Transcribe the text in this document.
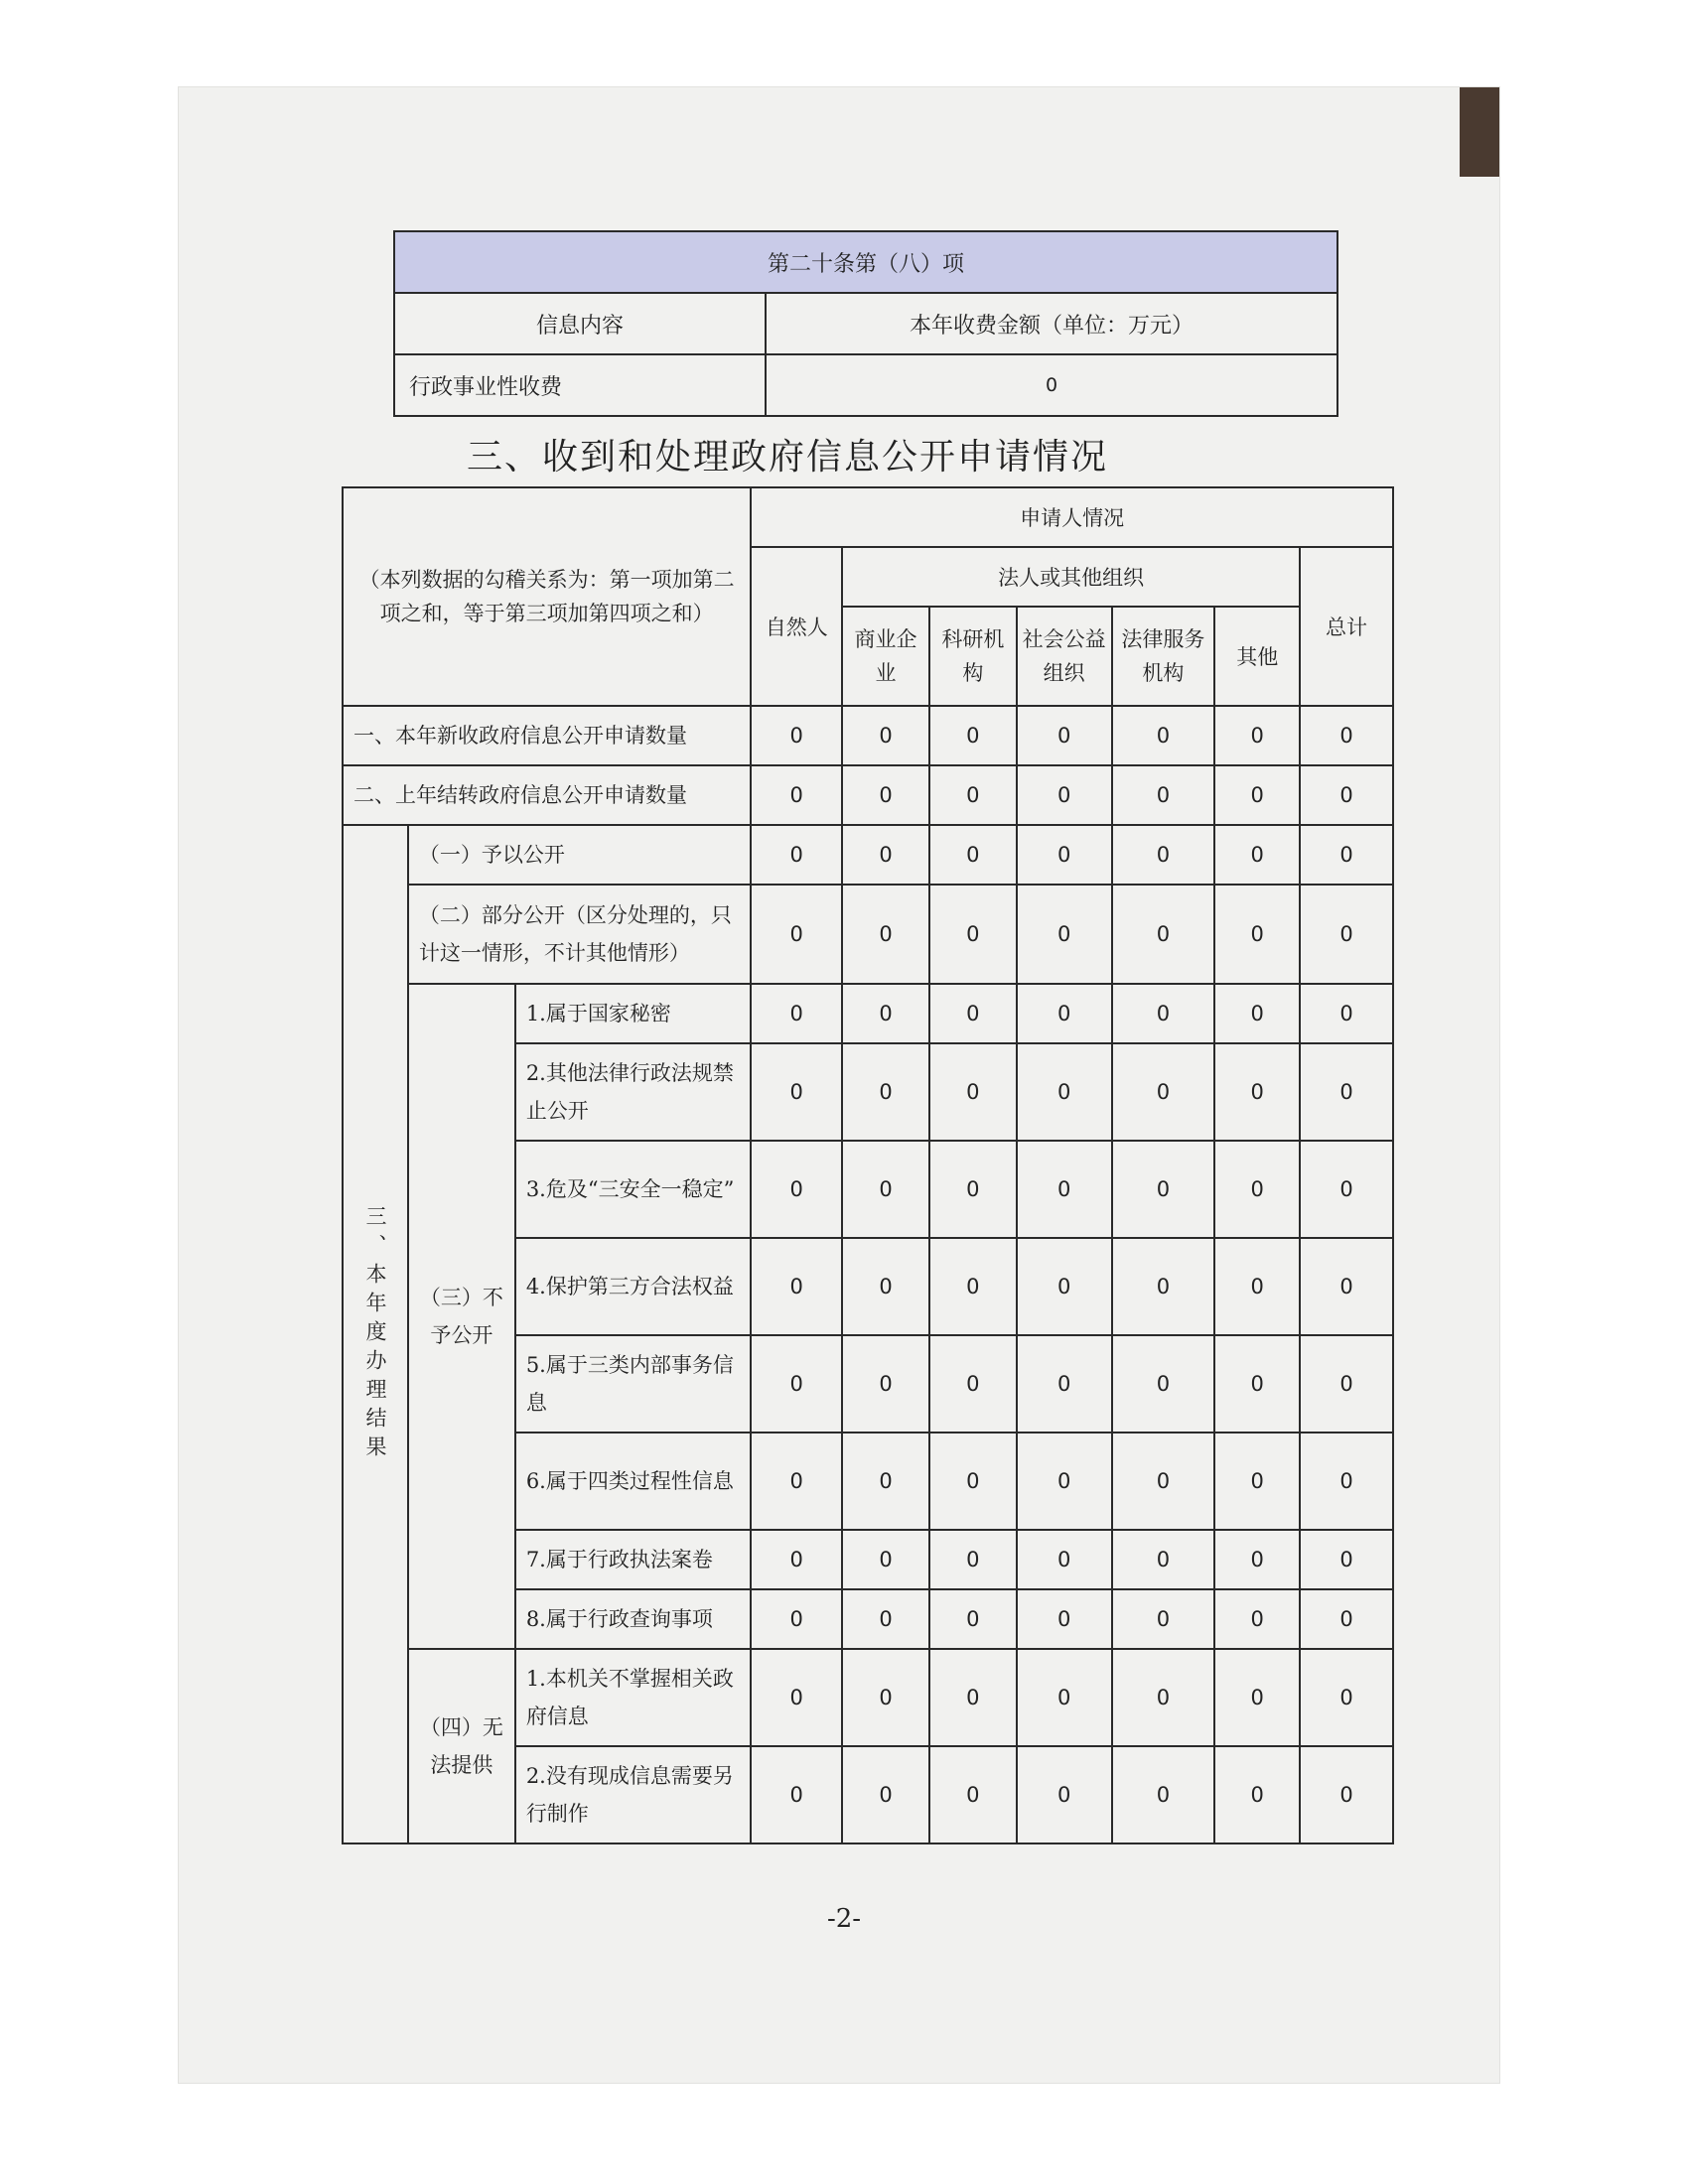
第二十条第（八）项	
信息内容	本年收费金额（单位：万元）
行政事业性收费	0
三、收到和处理政府信息公开申请情况
（本列数据的勾稽关系为：第一项加第二项之和，等于第三项加第四项之和）			申请人情况						
			自然人	法人或其他组织					总计
				商业企业	科研机构	社会公益组织	法律服务机构	其他	
一、本年新收政府信息公开申请数量			0	0	0	0	0	0	0
二、上年结转政府信息公开申请数量			0	0	0	0	0	0	0
三、本年度办理结果	（一）予以公开		0	0	0	0	0	0	0
	（二）部分公开（区分处理的，只计这一情形，不计其他情形）		0	0	0	0	0	0	0
	（三）不予公开	1.属于国家秘密	0	0	0	0	0	0	0
		2.其他法律行政法规禁止公开	0	0	0	0	0	0	0
		3.危及“三安全一稳定”	0	0	0	0	0	0	0
		4.保护第三方合法权益	0	0	0	0	0	0	0
		5.属于三类内部事务信息	0	0	0	0	0	0	0
		6.属于四类过程性信息	0	0	0	0	0	0	0
		7.属于行政执法案卷	0	0	0	0	0	0	0
		8.属于行政查询事项	0	0	0	0	0	0	0
	（四）无法提供	1.本机关不掌握相关政府信息	0	0	0	0	0	0	0
		2.没有现成信息需要另行制作	0	0	0	0	0	0	0
-2-
